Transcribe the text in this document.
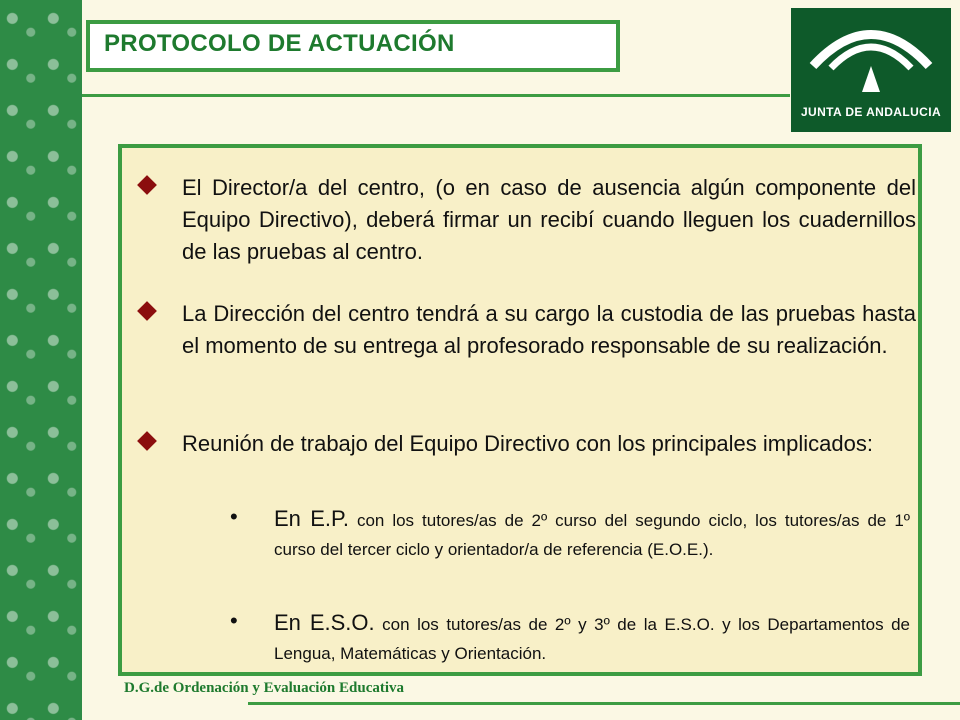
PROTOCOLO DE ACTUACIÓN
JUNTA DE ANDALUCIA
El Director/a del centro, (o en caso de ausencia algún componente del Equipo Directivo), deberá firmar un recibí cuando lleguen los cuadernillos de las pruebas al centro.
La Dirección del centro tendrá a su cargo la custodia de las pruebas hasta el momento de su entrega al profesorado responsable de su realización.
Reunión de trabajo del Equipo Directivo con los principales implicados:
• En E.P. con los tutores/as de 2º curso del segundo ciclo, los tutores/as de 1º curso del tercer ciclo y orientador/a de referencia (E.O.E.).
• En E.S.O. con los tutores/as de 2º y 3º de la E.S.O. y los Departamentos de Lengua, Matemáticas y Orientación.
D.G.de Ordenación y Evaluación Educativa
